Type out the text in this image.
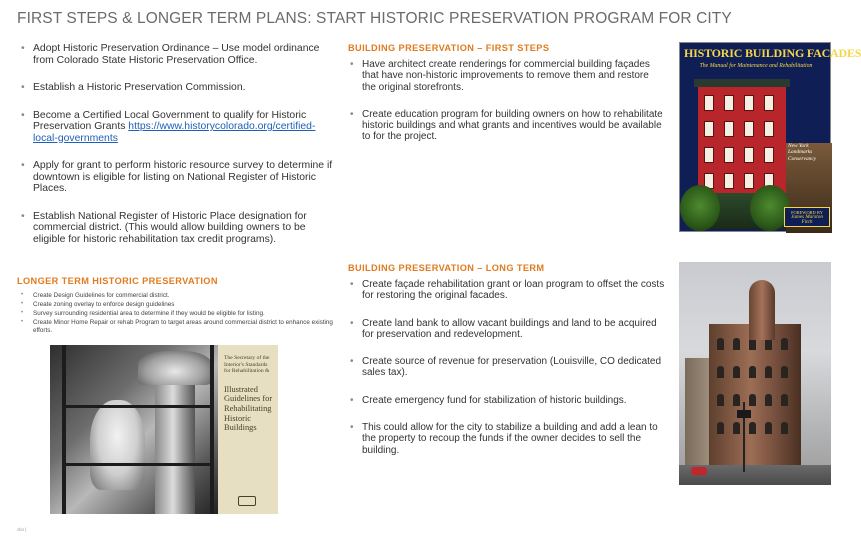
FIRST STEPS & LONGER TERM PLANS: START HISTORIC PRESERVATION PROGRAM FOR CITY
• Adopt Historic Preservation Ordinance – Use model ordinance from Colorado State Historic Preservation Office.
• Establish a Historic Preservation Commission.
• Become a Certified Local Government to qualify for Historic Preservation Grants https://www.historycolorado.org/certified-local-governments
• Apply for grant to perform historic resource survey to determine if downtown is eligible for listing on National Register of Historic Places.
• Establish National Register of Historic Place designation for commercial district. (This would allow building owners to be eligible for historic rehabilitation tax credit programs).
LONGER TERM HISTORIC PRESERVATION
• Create Design Guidelines for commercial district.
• Create zoning overlay to enforce design guidelines
• Survey surrounding residential area to determine if they would be eligible for listing.
• Create Minor Home Repair or rehab Program to target areas around commercial district to enhance existing efforts.
BUILDING PRESERVATION – FIRST STEPS
• Have architect create renderings for commercial building façades that have non-historic improvements to remove them and restore the original storefronts.
• Create education program for building owners on how to rehabilitate historic buildings and what grants and incentives would be available to for the project.
BUILDING PRESERVATION – LONG TERM
• Create façade rehabilitation grant or loan program to offset the costs for restoring the original facades.
• Create land bank to allow vacant buildings and land to be acquired for preservation and redevelopment.
• Create source of revenue for preservation (Louisville, CO dedicated sales tax).
• Create emergency fund for stabilization of historic buildings.
• This could allow for the city to stabilize a building and add a lean to the property to recoup the funds if the owner decides to sell the building.
The Secretary of the Interior's Standards for Rehabilitation &
Illustrated Guidelines for Rehabilitating Historic Buildings
HISTORIC BUILDING FACADES
The Manual for Maintenance and Rehabilitation
New York Landmarks Conservancy
FOREWORD BY
James Marston Fitch
ckn |
